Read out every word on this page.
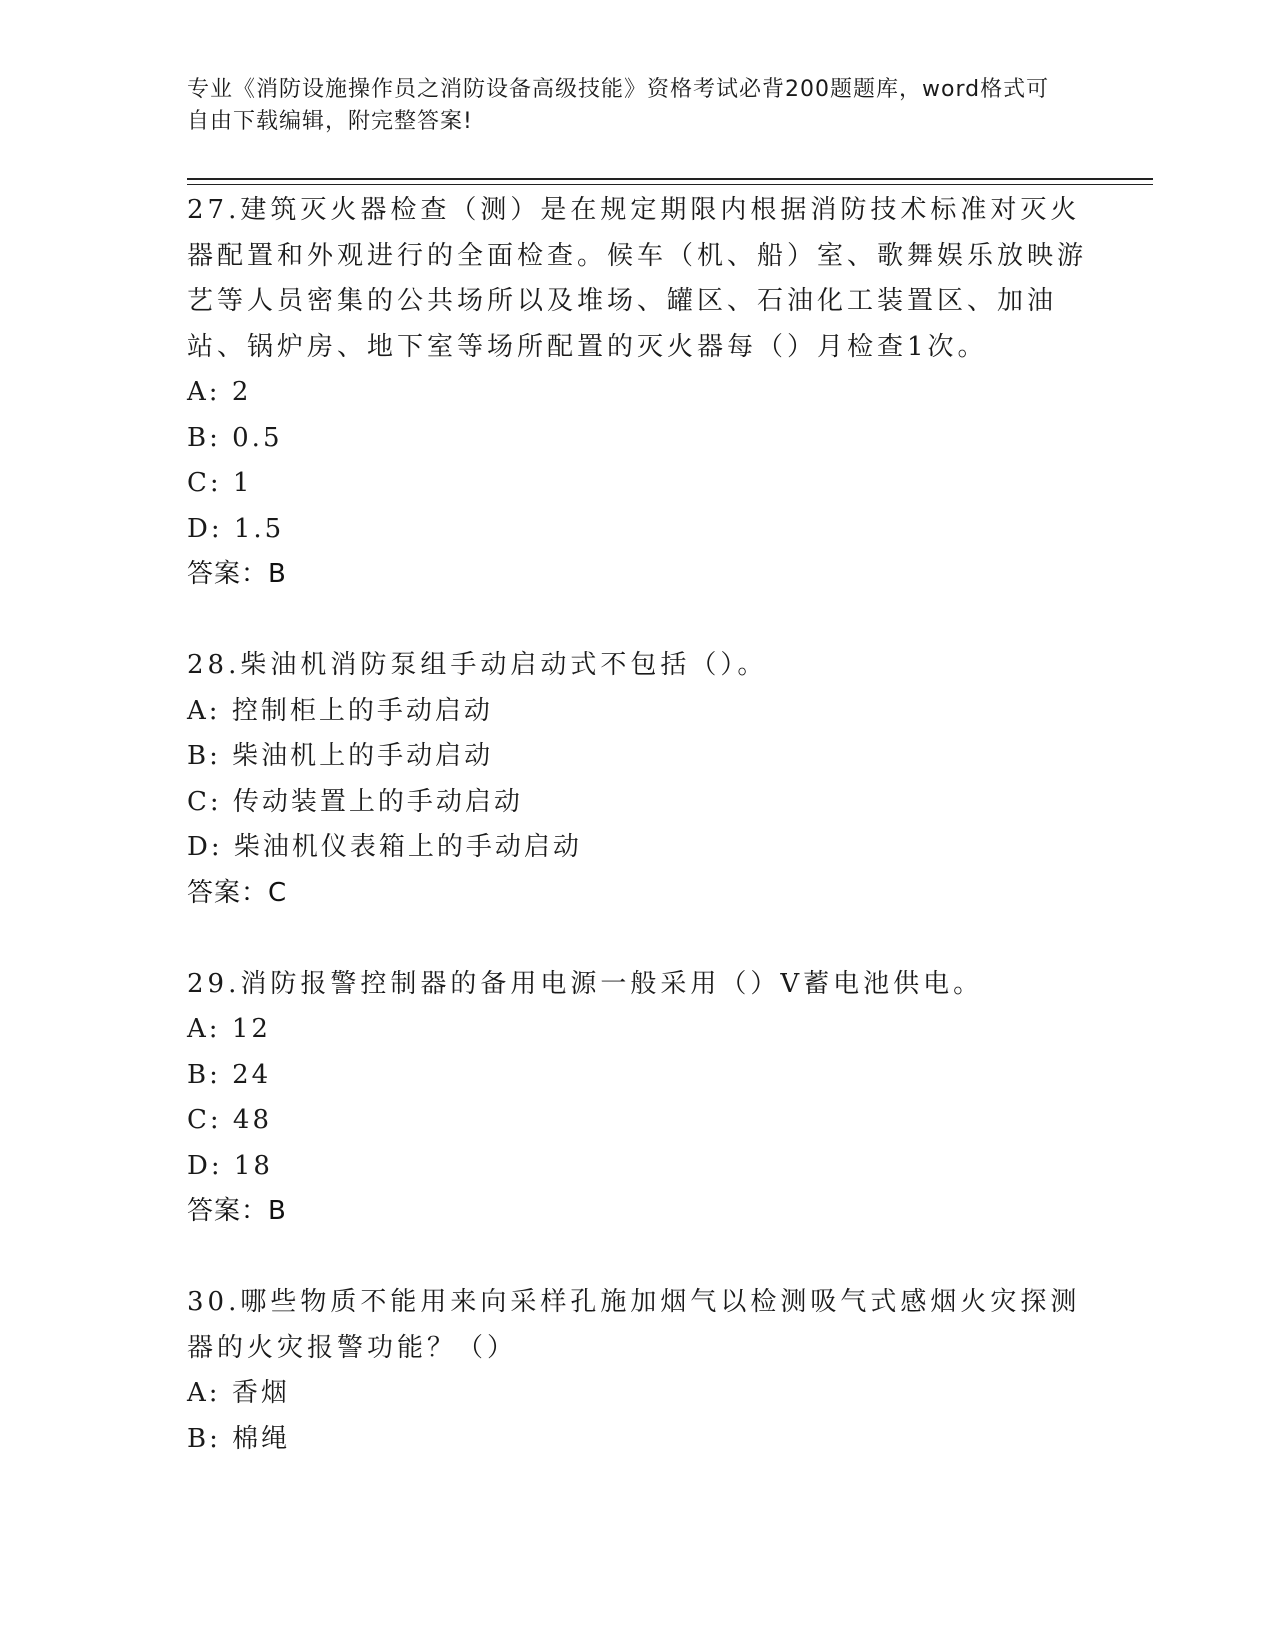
专业《消防设施操作员之消防设备高级技能》资格考试必背200题题库，word格式可自由下载编辑，附完整答案!
27.建筑灭火器检查（测）是在规定期限内根据消防技术标准对灭火器配置和外观进行的全面检查。候车（机、船）室、歌舞娱乐放映游艺等人员密集的公共场所以及堆场、罐区、石油化工装置区、加油站、锅炉房、地下室等场所配置的灭火器每（）月检查1次。
A: 2
B: 0.5
C: 1
D: 1.5
答案：B
28.柴油机消防泵组手动启动式不包括（）。
A: 控制柜上的手动启动
B: 柴油机上的手动启动
C: 传动装置上的手动启动
D: 柴油机仪表箱上的手动启动
答案：C
29.消防报警控制器的备用电源一般采用（）V蓄电池供电。
A: 12
B: 24
C: 48
D: 18
答案：B
30.哪些物质不能用来向采样孔施加烟气以检测吸气式感烟火灾探测器的火灾报警功能？（）
A: 香烟
B: 棉绳
